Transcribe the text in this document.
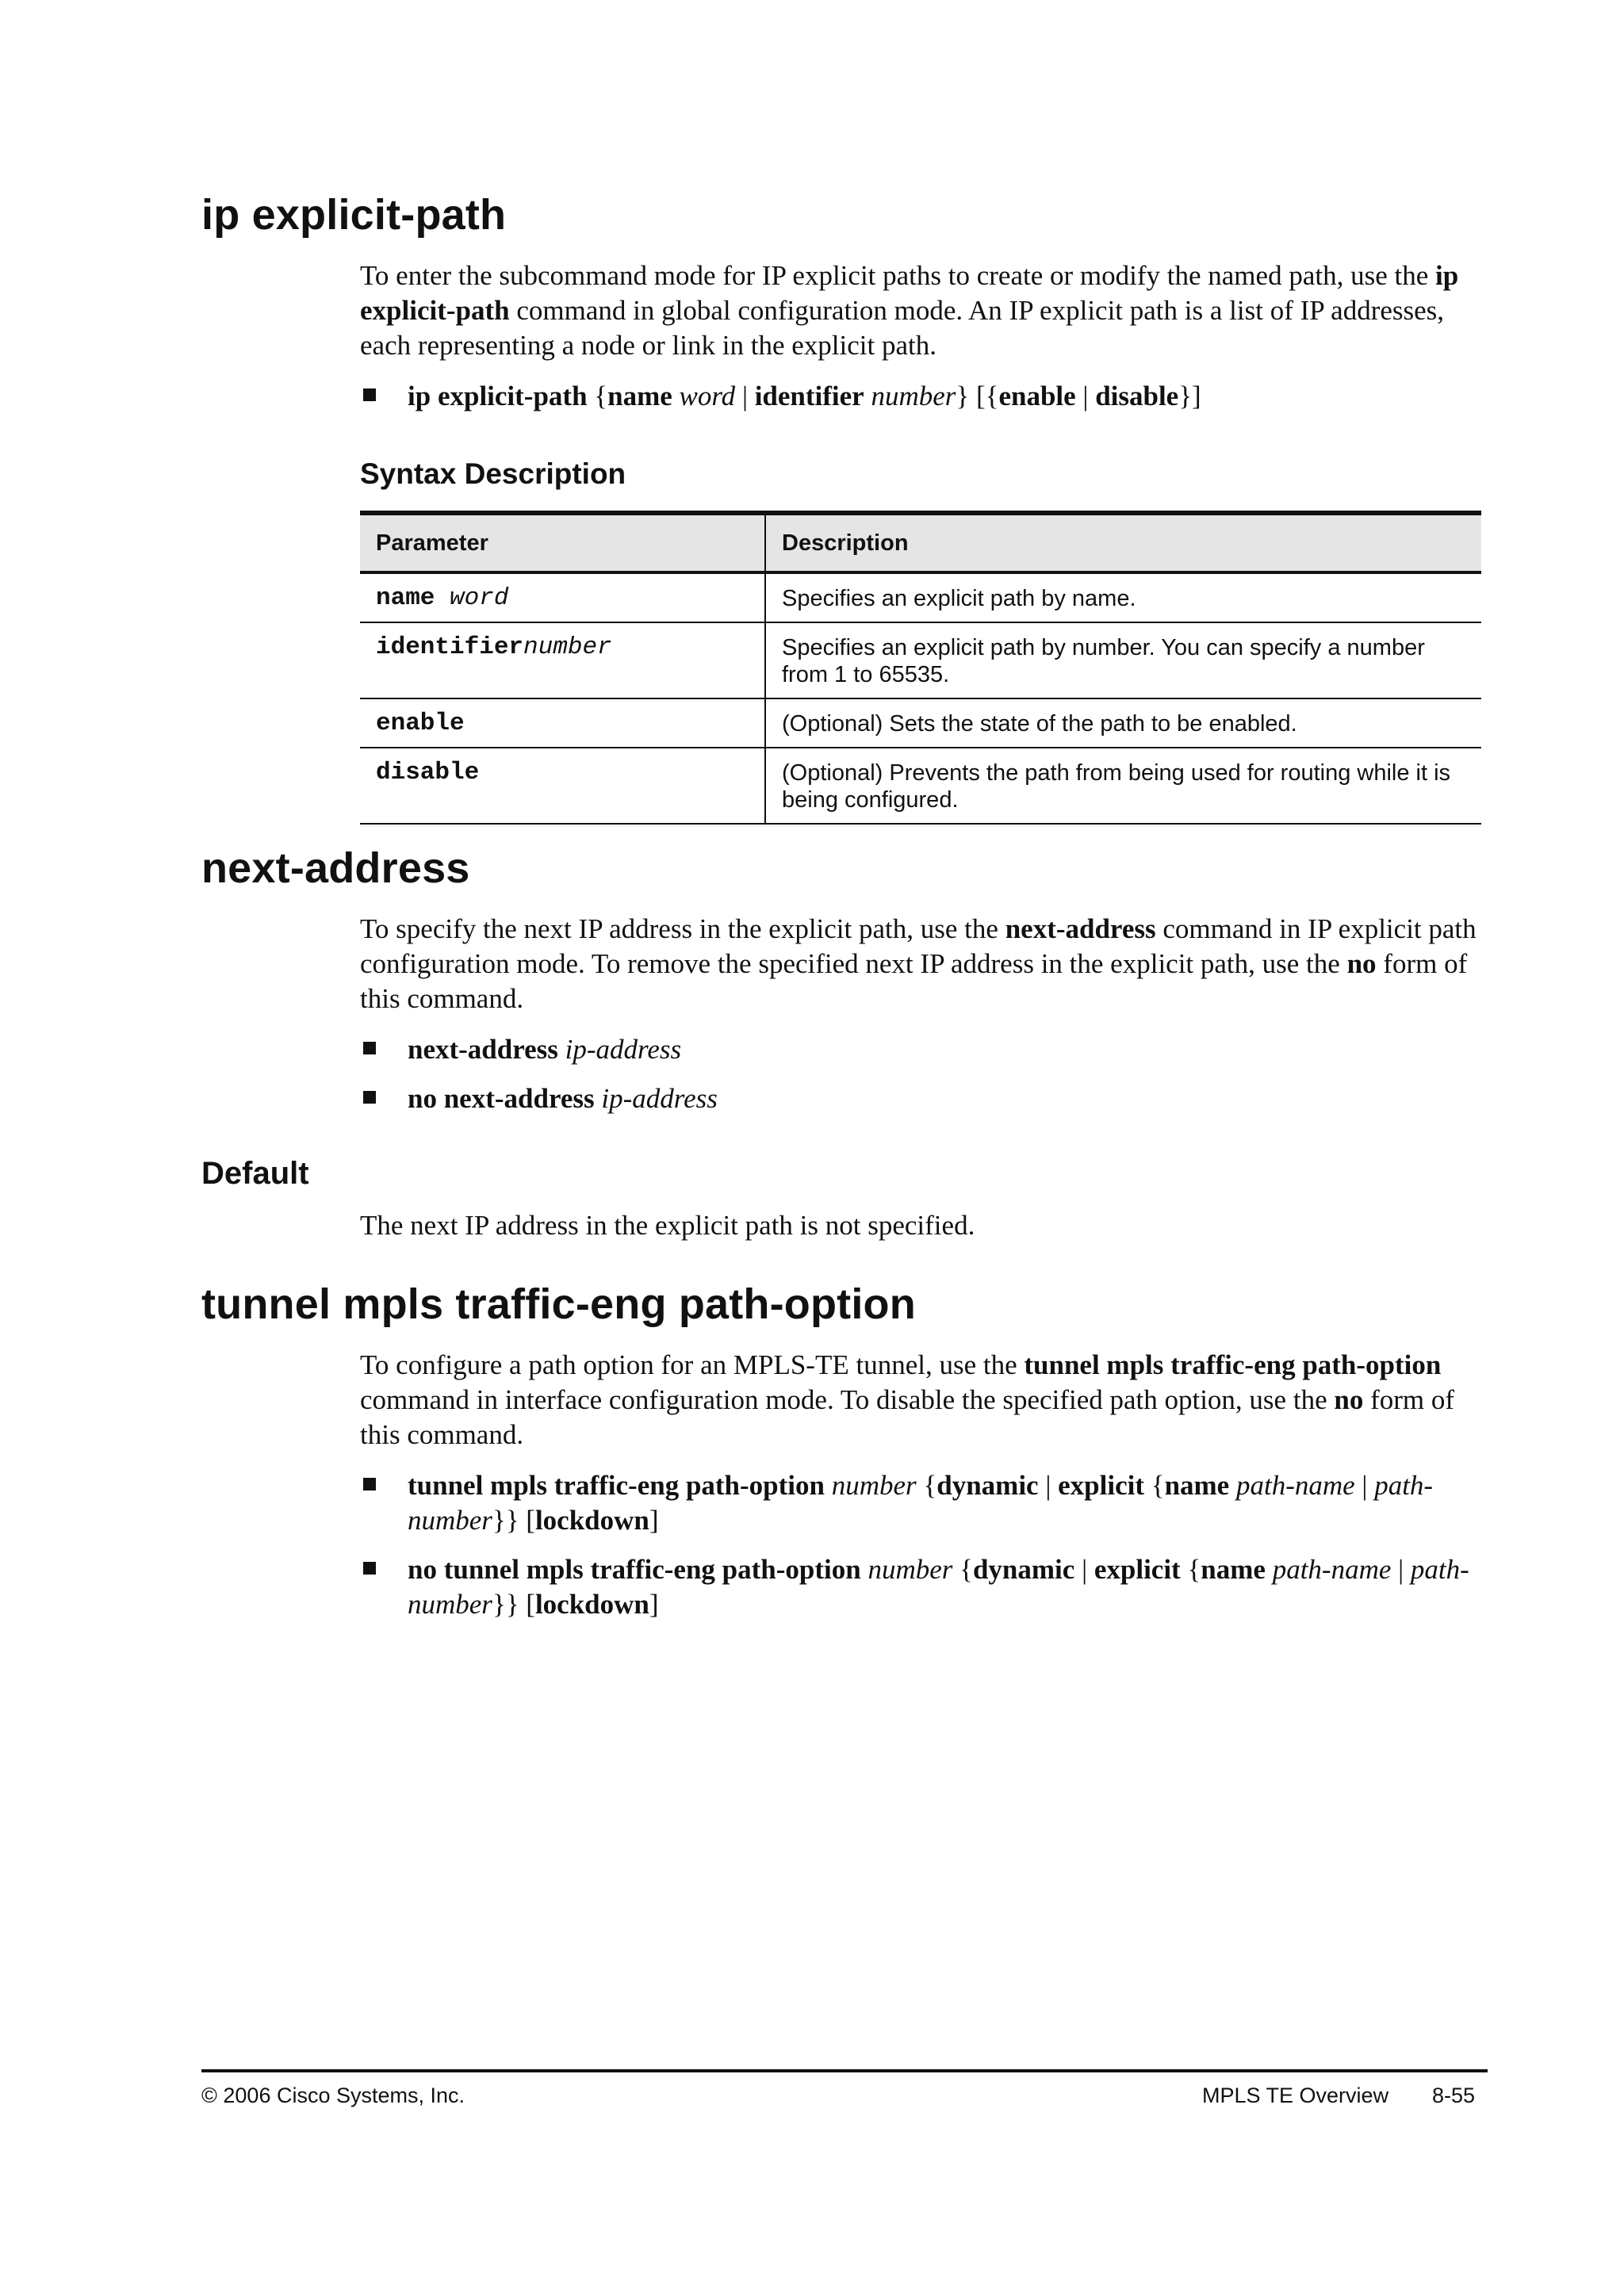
ip explicit-path

To enter the subcommand mode for IP explicit paths to create or modify the named path, use the ip explicit-path command in global configuration mode. An IP explicit path is a list of IP addresses, each representing a node or link in the explicit path.

ip explicit-path {name word | identifier number} [{enable | disable}]
Syntax Description
Parameter	Description
name word	Specifies an explicit path by name.
identifiernumber	Specifies an explicit path by number. You can specify a number from 1 to 65535.
enable	(Optional) Sets the state of the path to be enabled.
disable	(Optional) Prevents the path from being used for routing while it is being configured.
next-address

To specify the next IP address in the explicit path, use the next-address command in IP explicit path configuration mode. To remove the specified next IP address in the explicit path, use the no form of this command.

next-address ip-address
no next-address ip-address
Default

The next IP address in the explicit path is not specified.

tunnel mpls traffic-eng path-option

To configure a path option for an MPLS-TE tunnel, use the tunnel mpls traffic-eng path-option command in interface configuration mode. To disable the specified path option, use the no form of this command.

tunnel mpls traffic-eng path-option number {dynamic | explicit {name path-name | path-number}} [lockdown]
no tunnel mpls traffic-eng path-option number {dynamic | explicit {name path-name | path-number}} [lockdown]
© 2006 Cisco Systems, Inc.	MPLS TE Overview 8-55
